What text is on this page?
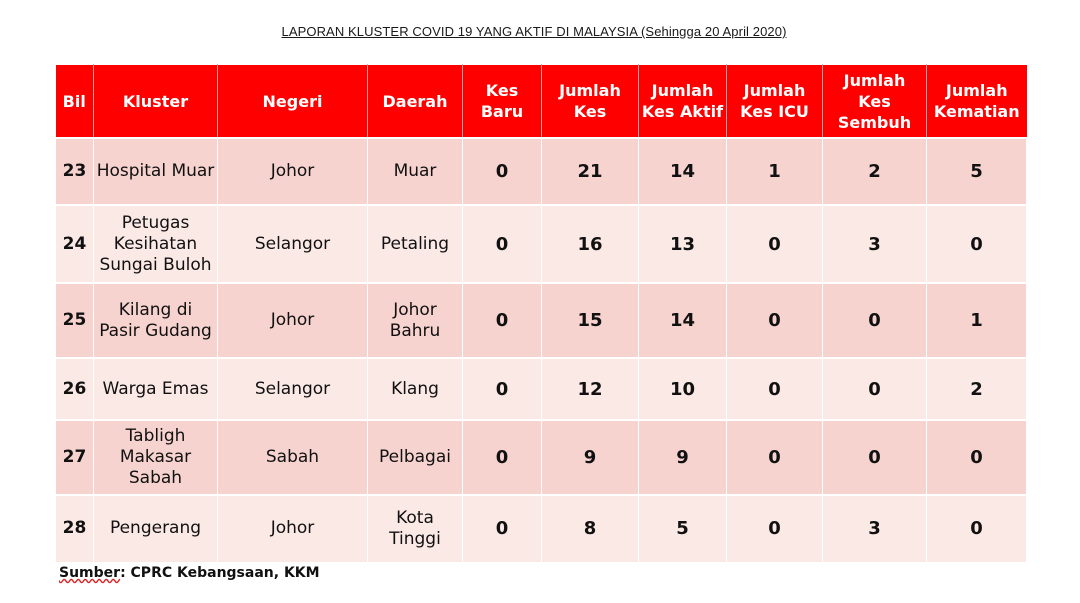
LAPORAN KLUSTER COVID 19 YANG AKTIF DI MALAYSIA (Sehingga 20 April 2020)
Bil	Kluster	Negeri	Daerah	Kes Baru	Jumlah Kes	Jumlah Kes Aktif	Jumlah Kes ICU	Jumlah Kes Sembuh	Jumlah Kematian
23	Hospital Muar	Johor	Muar	0	21	14	1	2	5
24	Petugas Kesihatan Sungai Buloh	Selangor	Petaling	0	16	13	0	3	0
25	Kilang di Pasir Gudang	Johor	Johor Bahru	0	15	14	0	0	1
26	Warga Emas	Selangor	Klang	0	12	10	0	0	2
27	Tabligh Makasar Sabah	Sabah	Pelbagai	0	9	9	0	0	0
28	Pengerang	Johor	Kota Tinggi	0	8	5	0	3	0
Sumber: CPRC Kebangsaan, KKM
